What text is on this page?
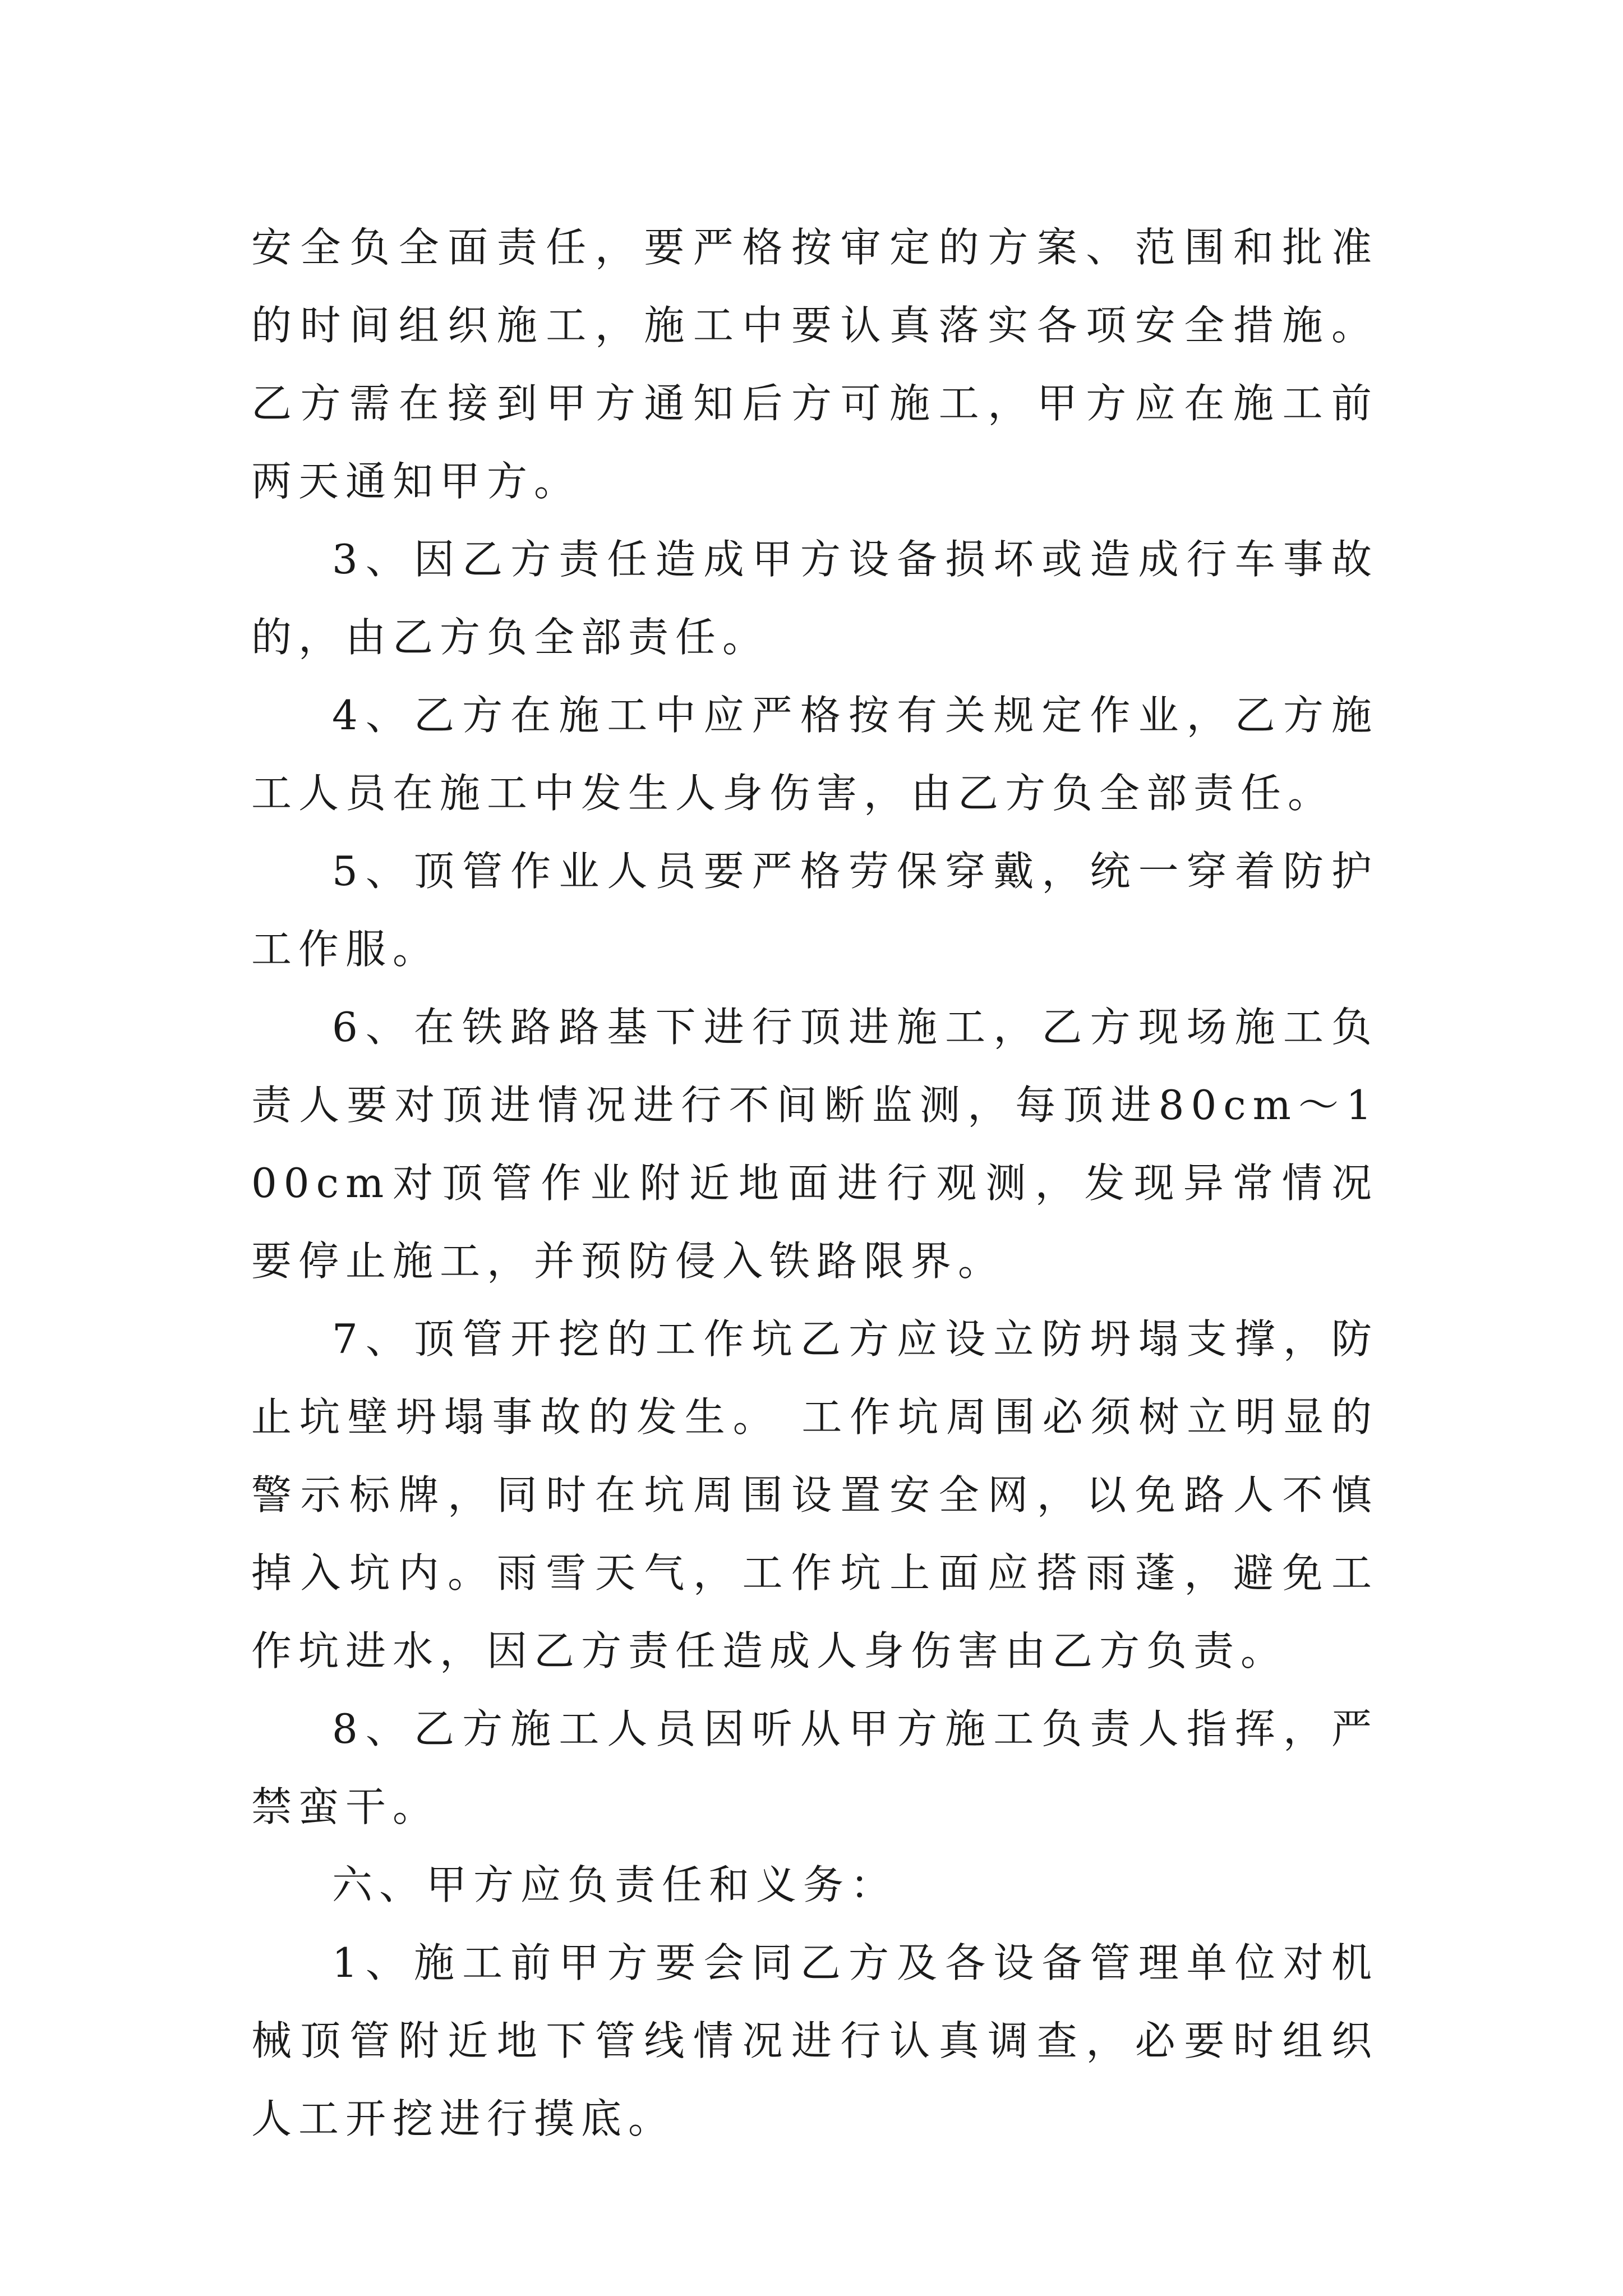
安全负全面责任，要严格按审定的方案、范围和批准的时间组织施工，施工中要认真落实各项安全措施。乙方需在接到甲方通知后方可施工，甲方应在施工前两天通知甲方。

3、因乙方责任造成甲方设备损坏或造成行车事故的，由乙方负全部责任。

4、乙方在施工中应严格按有关规定作业，乙方施工人员在施工中发生人身伤害，由乙方负全部责任。

5、顶管作业人员要严格劳保穿戴，统一穿着防护工作服。

6、在铁路路基下进行顶进施工，乙方现场施工负责人要对顶进情况进行不间断监测，每顶进80cm～100cm对顶管作业附近地面进行观测，发现异常情况要停止施工，并预防侵入铁路限界。

7、顶管开挖的工作坑乙方应设立防坍塌支撑，防止坑壁坍塌事故的发生。 工作坑周围必须树立明显的警示标牌，同时在坑周围设置安全网，以免路人不慎掉入坑内。雨雪天气，工作坑上面应搭雨蓬，避免工作坑进水，因乙方责任造成人身伤害由乙方负责。

8、乙方施工人员因听从甲方施工负责人指挥，严禁蛮干。

六、甲方应负责任和义务：

1、施工前甲方要会同乙方及各设备管理单位对机械顶管附近地下管线情况进行认真调查，必要时组织人工开挖进行摸底。
